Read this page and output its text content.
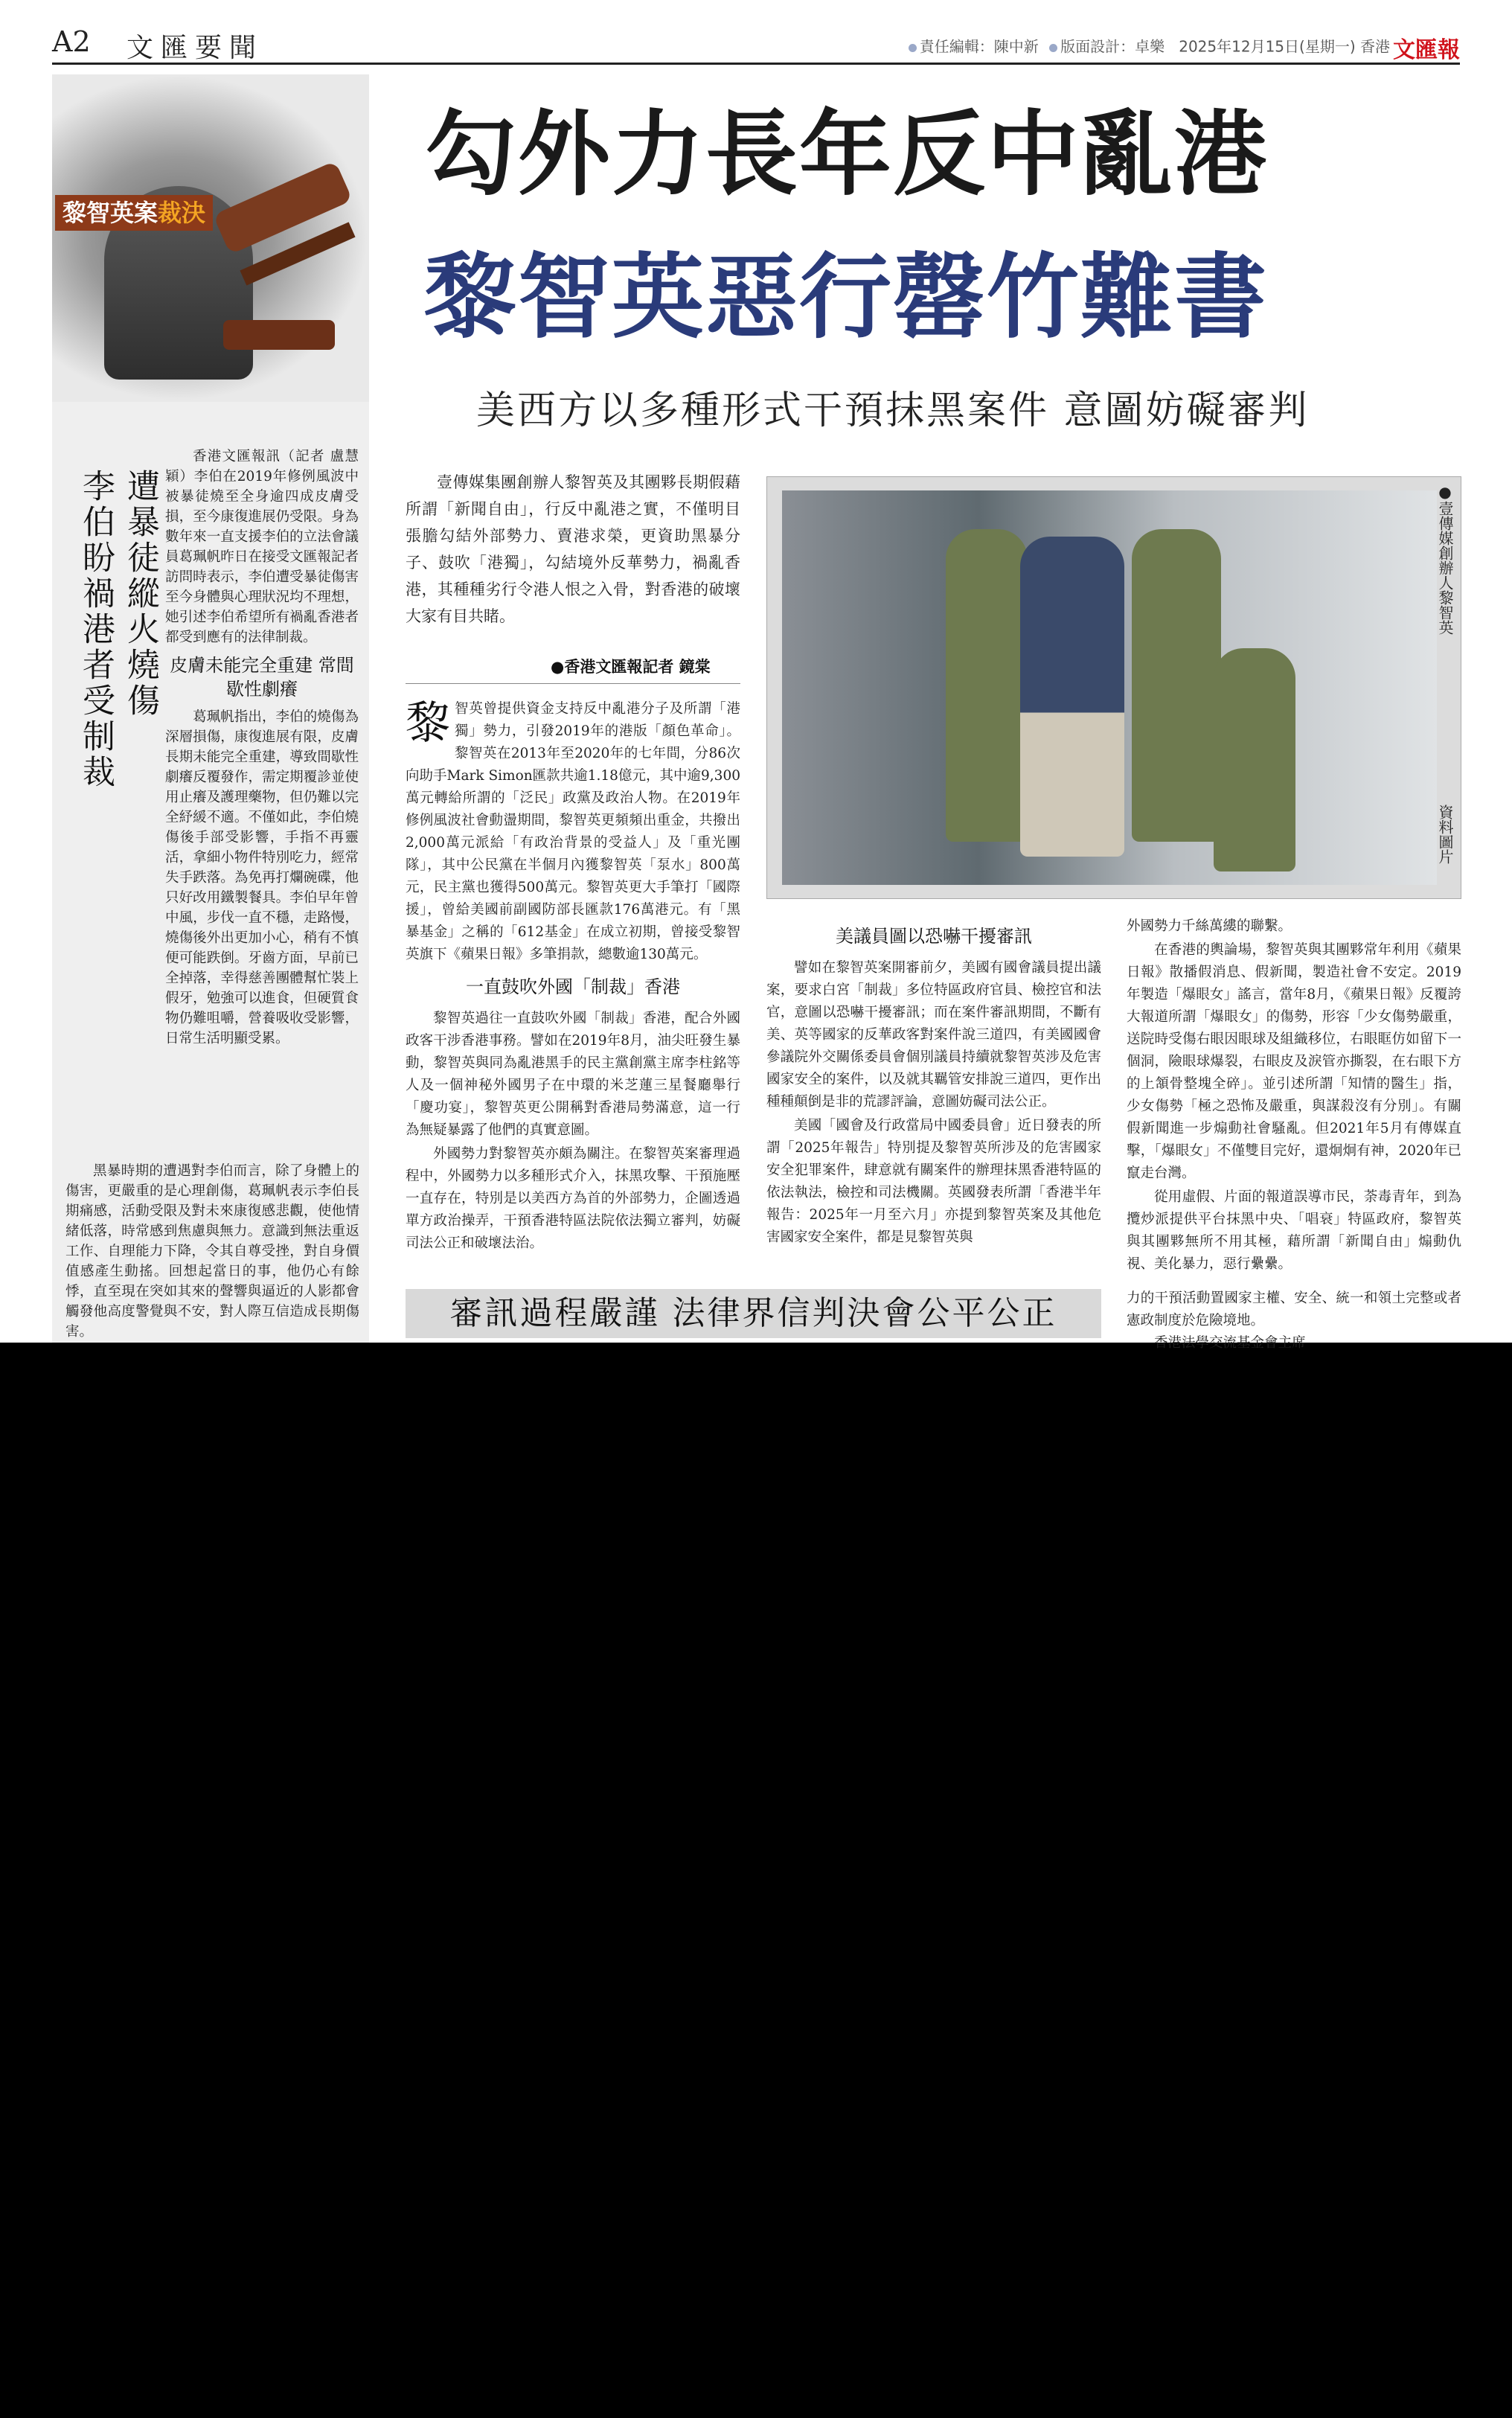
A2 文匯要聞	責任編輯：陳中新 版面設計：卓樂 2025年12月15日(星期一) 香港 文匯報
黎智英案裁決

遭暴徒縱火燒傷

李伯盼禍港者受制裁

香港文匯報訊（記者 盧慧穎）李伯在2019年修例風波中被暴徒燒至全身逾四成皮膚受損，至今康復進展仍受限。身為數年來一直支援李伯的立法會議員葛珮帆昨日在接受文匯報記者訪問時表示，李伯遭受暴徒傷害至今身體與心理狀況均不理想，她引述李伯希望所有禍亂香港者都受到應有的法律制裁。

皮膚未能完全重建 常間歇性劇癢

葛珮帆指出，李伯的燒傷為深層損傷，康復進展有限，皮膚長期未能完全重建，導致間歇性劇癢反覆發作，需定期覆診並使用止癢及護理藥物，但仍難以完全紓緩不適。不僅如此，李伯燒傷後手部受影響，手指不再靈活，拿細小物件特別吃力，經常失手跌落。為免再打爛碗碟，他只好改用鐵製餐具。李伯早年曾中風，步伐一直不穩，走路慢，燒傷後外出更加小心，稍有不慎便可能跌倒。牙齒方面，早前已全掉落，幸得慈善團體幫忙裝上假牙，勉強可以進食，但硬質食物仍難咀嚼，營養吸收受影響，日常生活明顯受累。

黑暴時期的遭遇對李伯而言，除了身體上的傷害，更嚴重的是心理創傷，葛珮帆表示李伯長期痛感，活動受限及對未來康復感悲觀，使他情緒低落，時常感到焦慮與無力。意識到無法重返工作、自理能力下降，令其自尊受挫，對自身價值感產生動搖。回想起當日的事，他仍心有餘悸，直至現在突如其來的聲響與逼近的人影都會觸發他高度警覺與不安，對人際互信造成長期傷害。

勾外力長年反中亂港
黎智英惡行罄竹難書
美西方以多種形式干預抹黑案件 意圖妨礙審判
壹傳媒集團創辦人黎智英及其團夥長期假藉所謂「新聞自由」，行反中亂港之實，不僅明目張膽勾結外部勢力、賣港求榮，更資助黑暴分子、鼓吹「港獨」，勾結境外反華勢力，禍亂香港，其種種劣行令港人恨之入骨，對香港的破壞大家有目共睹。
●香港文匯報記者 鏡棠
●壹傳媒創辦人黎智英
資料圖片

黎智英曾提供資金支持反中亂港分子及所謂「港獨」勢力，引發2019年的港版「顏色革命」。黎智英在2013年至2020年的七年間，分86次向助手Mark Simon匯款共逾1.18億元，其中逾9,300萬元轉給所謂的「泛民」政黨及政治人物。在2019年修例風波社會動盪期間，黎智英更頻頻出重金，共撥出2,000萬元派給「有政治背景的受益人」及「重光團隊」，其中公民黨在半個月內獲黎智英「泵水」800萬元，民主黨也獲得500萬元。黎智英更大手筆打「國際援」，曾給美國前副國防部長匯款176萬港元。有「黑暴基金」之稱的「612基金」在成立初期，曾接受黎智英旗下《蘋果日報》多筆捐款，總數逾130萬元。

一直鼓吹外國「制裁」香港

黎智英過往一直鼓吹外國「制裁」香港，配合外國政客干涉香港事務。譬如在2019年8月，油尖旺發生暴動，黎智英與同為亂港黑手的民主黨創黨主席李柱銘等人及一個神秘外國男子在中環的米芝蓮三星餐廳舉行「慶功宴」，黎智英更公開稱對香港局勢滿意，這一行為無疑暴露了他們的真實意圖。

外國勢力對黎智英亦頗為關注。在黎智英案審理過程中，外國勢力以多種形式介入，抹黑攻擊、干預施壓一直存在，特別是以美西方為首的外部勢力，企圖透過單方政治操弄，干預香港特區法院依法獨立審判，妨礙司法公正和破壞法治。

美議員圖以恐嚇干擾審訊

譬如在黎智英案開審前夕，美國有國會議員提出議案，要求白宮「制裁」多位特區政府官員、檢控官和法官，意圖以恐嚇干擾審訊；而在案件審訊期間，不斷有美、英等國家的反華政客對案件說三道四，有美國國會參議院外交關係委員會個別議員持續就黎智英涉及危害國家安全的案件，以及就其羈管安排說三道四，更作出種種顛倒是非的荒謬評論，意圖妨礙司法公正。

美國「國會及行政當局中國委員會」近日發表的所謂「2025年報告」特別提及黎智英所涉及的危害國家安全犯罪案件，肆意就有關案件的辦理抹黑香港特區的依法執法，檢控和司法機關。英國發表所謂「香港半年報告：2025年一月至六月」亦提到黎智英案及其他危害國家安全案件，都是見黎智英與

外國勢力千絲萬縷的聯繫。

在香港的輿論場，黎智英與其團夥常年利用《蘋果日報》散播假消息、假新聞，製造社會不安定。2019年製造「爆眼女」謠言，當年8月，《蘋果日報》反覆誇大報道所謂「爆眼女」的傷勢，形容「少女傷勢嚴重，送院時受傷右眼因眼球及組織移位，右眼眶仿如留下一個洞，險眼球爆裂，右眼皮及淚管亦撕裂，在右眼下方的上頷骨整塊全碎」。並引述所謂「知情的醫生」指，少女傷勢「極之恐怖及嚴重，與謀殺沒有分別」。有關假新聞進一步煽動社會騷亂。但2021年5月有傳媒直擊，「爆眼女」不僅雙目完好，還炯炯有神，2020年已竄走台灣。

從用虛假、片面的報道誤導市民，荼毒青年，到為攬炒派提供平台抹黑中央、「唱衰」特區政府，黎智英與其團夥無所不用其極，藉所謂「新聞自由」煽動仇視、美化暴力，惡行纍纍。

審訊過程嚴謹 法律界信判決會公平公正	力的干預活動置國家主權、安全、統一和領土完整或者憲政制度於危險境地。
香港法學交流基金會主席
